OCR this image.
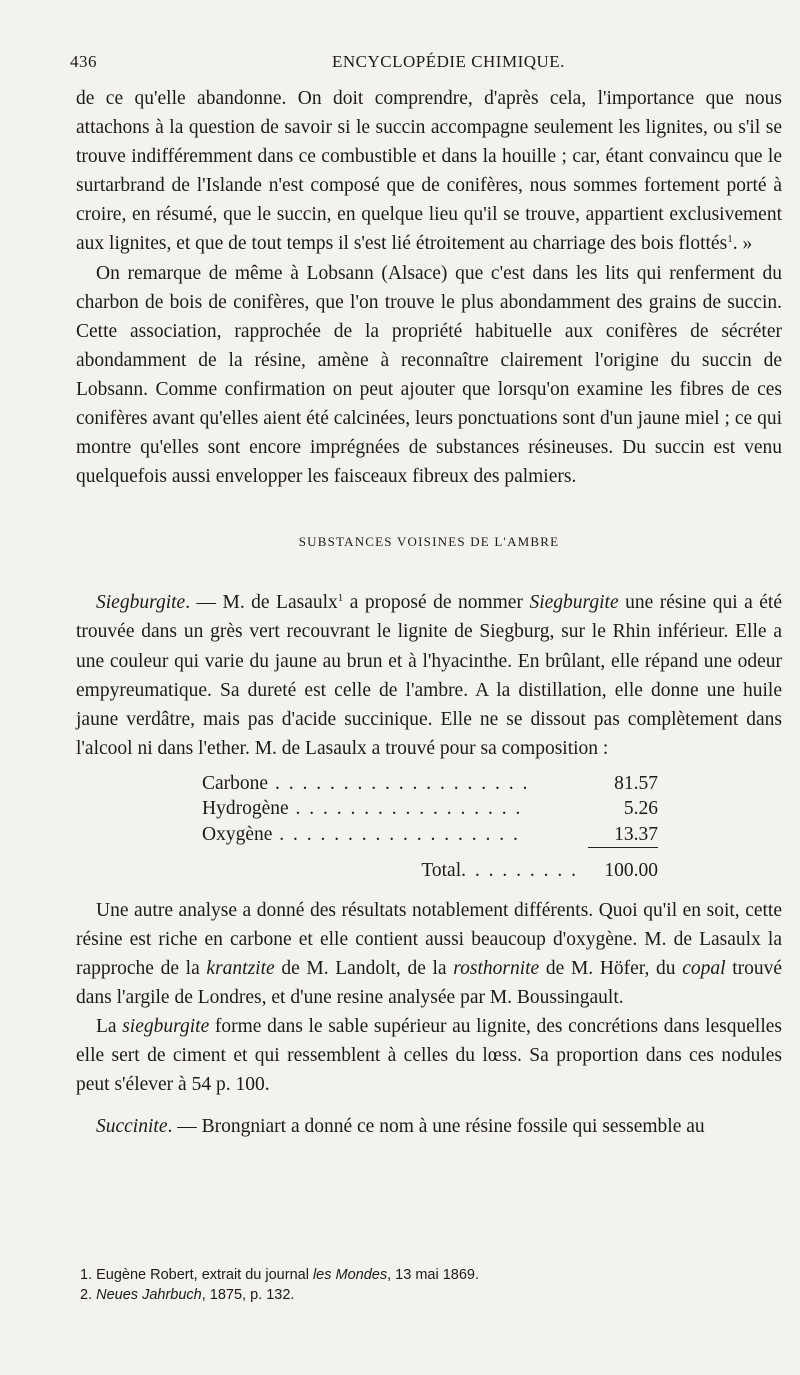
436	ENCYCLOPÉDIE CHIMIQUE.

de ce qu'elle abandonne. On doit comprendre, d'après cela, l'importance que nous attachons à la question de savoir si le succin accompagne seulement les lignites, ou s'il se trouve indifféremment dans ce combustible et dans la houille ; car, étant convaincu que le surtarbrand de l'Islande n'est composé que de conifères, nous sommes fortement porté à croire, en résumé, que le succin, en quelque lieu qu'il se trouve, appartient exclusivement aux lignites, et que de tout temps il s'est lié étroitement au charriage des bois flottés$^1$. »

On remarque de même à Lobsann (Alsace) que c'est dans les lits qui renferment du charbon de bois de conifères, que l'on trouve le plus abondamment des grains de succin. Cette association, rapprochée de la propriété habituelle aux conifères de sécréter abondamment de la résine, amène à reconnaître clairement l'origine du succin de Lobsann. Comme confirmation on peut ajouter que lorsqu'on examine les fibres de ces conifères avant qu'elles aient été calcinées, leurs ponctuations sont d'un jaune miel ; ce qui montre qu'elles sont encore imprégnées de substances résineuses. Du succin est venu quelquefois aussi envelopper les faisceaux fibreux des palmiers.

SUBSTANCES VOISINES DE L'AMBRE

Siegburgite. — M. de Lasaulx$^1$ a proposé de nommer Siegburgite une résine qui a été trouvée dans un grès vert recouvrant le lignite de Siegburg, sur le Rhin inférieur. Elle a une couleur qui varie du jaune au brun et à l'hyacinthe. En brûlant, elle répand une odeur empyreumatique. Sa dureté est celle de l'ambre. A la distillation, elle donne une huile jaune verdâtre, mais pas d'acide succinique. Elle ne se dissout pas complètement dans l'alcool ni dans l'ether. M. de Lasaulx a trouvé pour sa composition :

Carbone . . . . . . . . . . . . . . . . . . .	81.57
Hydrogène . . . . . . . . . . . . . . . . .	5.26
Oxygène . . . . . . . . . . . . . . . . . .	13.37
Total. . . . . . . . .	100.00

Une autre analyse a donné des résultats notablement différents. Quoi qu'il en soit, cette résine est riche en carbone et elle contient aussi beaucoup d'oxygène. M. de Lasaulx la rapproche de la krantzite de M. Landolt, de la rosthornite de M. Höfer, du copal trouvé dans l'argile de Londres, et d'une resine analysée par M. Boussingault.

La siegburgite forme dans le sable supérieur au lignite, des concrétions dans lesquelles elle sert de ciment et qui ressemblent à celles du lœss. Sa proportion dans ces nodules peut s'élever à 54 p. 100.

Succinite. — Brongniart a donné ce nom à une résine fossile qui sessemble au

1. Eugène Robert, extrait du journal les Mondes, 13 mai 1869.

2. Neues Jahrbuch, 1875, p. 132.
